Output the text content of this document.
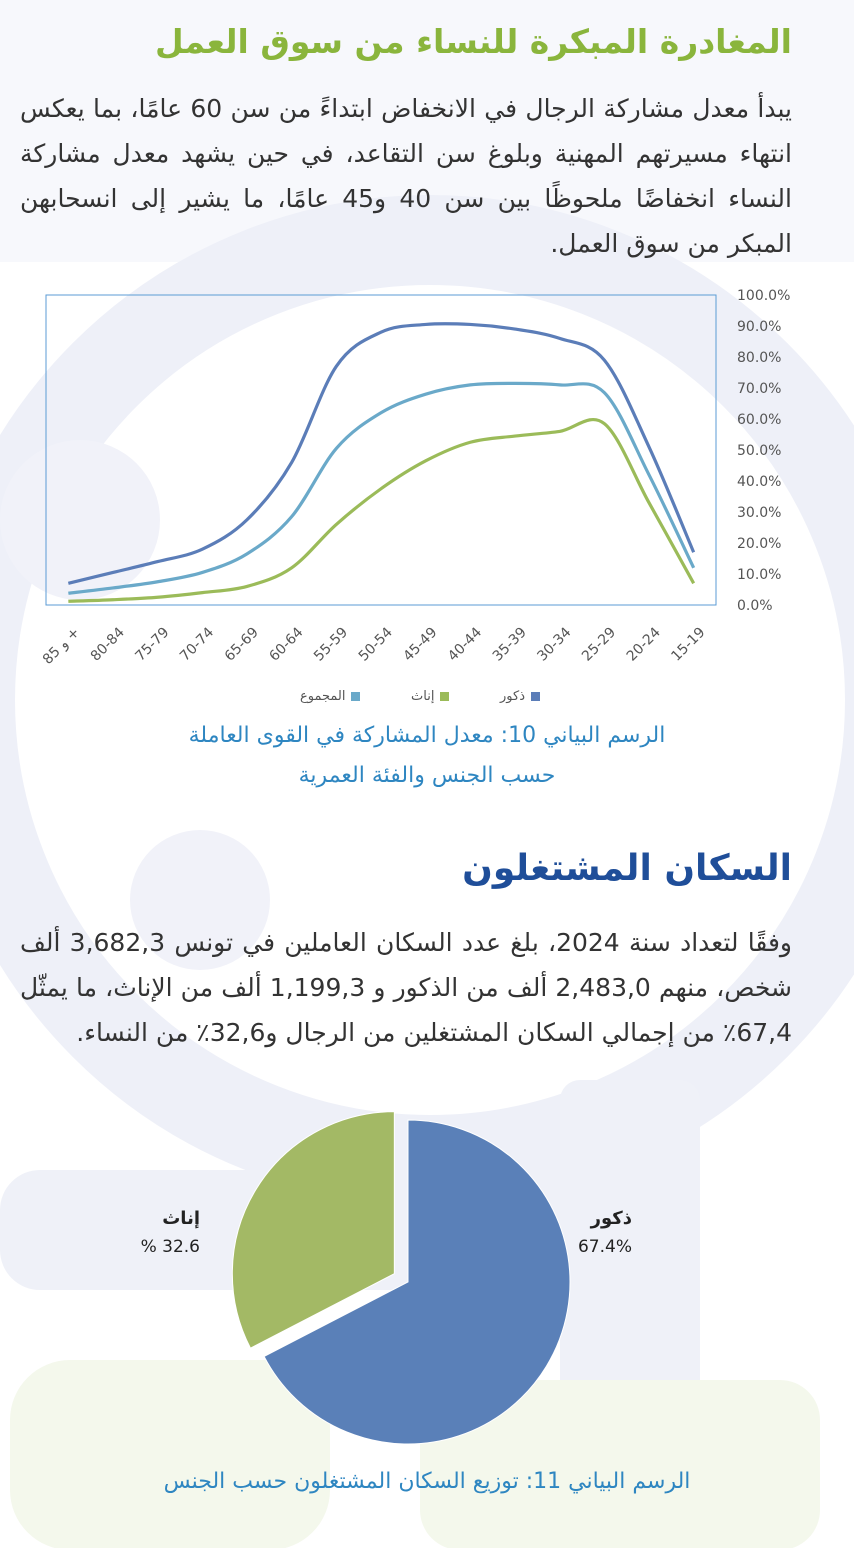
المغادرة المبكرة للنساء من سوق العمل

يبدأ معدل مشاركة الرجال في الانخفاض ابتداءً من سن 60 عامًا، بما يعكس انتهاء مسيرتهم المهنية وبلوغ سن التقاعد، في حين يشهد معدل مشاركة النساء انخفاضًا ملحوظًا بين سن 40 و45 عامًا، ما يشير إلى انسحابهن المبكر من سوق العمل.

0.0%
10.0%
20.0%
30.0%
40.0%
50.0%
60.0%
70.0%
80.0%
90.0%
100.0%
15-19
20-24
25-29
30-34
35-39
40-44
45-49
50-54
55-59
60-64
65-69
70-74
75-79
80-84
85 و +
ذكور
إناث
المجموع

الرسم البياني 10: معدل المشاركة في القوى العاملة
حسب الجنس والفئة العمرية

السكان المشتغلون

وفقًا لتعداد سنة 2024، بلغ عدد السكان العاملين في تونس 3,682,3 ألف شخص، منهم 2,483,0 ألف من الذكور و 1,199,3 ألف من الإناث، ما يمثّل 67,4٪ من إجمالي السكان المشتغلين من الرجال و32,6٪ من النساء.

إناث
32.6 %
ذكور
67.4%

الرسم البياني 11: توزيع السكان المشتغلون حسب الجنس
